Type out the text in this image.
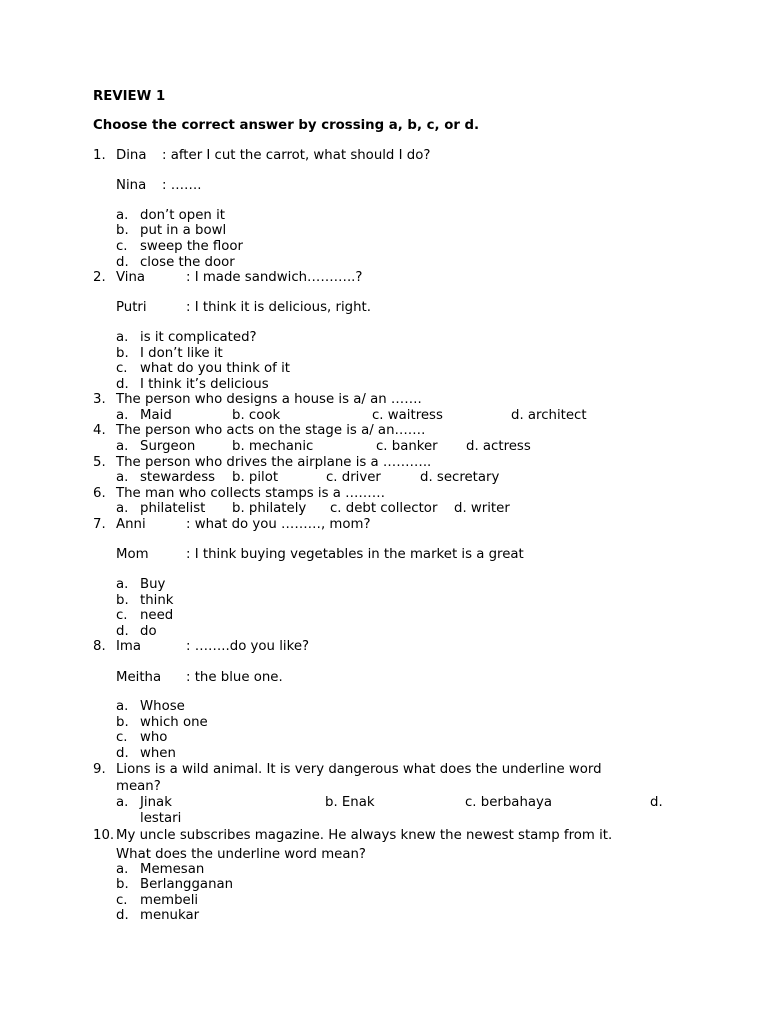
REVIEW 1
Choose the correct answer by crossing a, b, c, or d.
1. Dina : after I cut the carrot, what should I do?
Nina : …….
a. don’t open it
b. put in a bowl
c. sweep the floor
d. close the door
2. Vina	: I made sandwich………..?
Putri	: I think it is delicious, right.
a. is it complicated?
b. I don’t like it
c. what do you think of it
d. I think it’s delicious
3. The person who designs a house is a/ an …….
a. Maid	b. cook	c. waitress	d. architect
4. The person who acts on the stage is a/ an…….
a. Surgeon	b. mechanic	c. banker d. actress
5. The person who drives the airplane is a ………..
a. stewardess b. pilot	c. driver	d. secretary
6. The man who collects stamps is a ………
a. philatelist b. philately c. debt collector d. writer
7. Anni	: what do you ………, mom?
Mom	: I think buying vegetables in the market is a great
a. Buy
b. think
c. need
d. do
8. Ima	: ……..do you like?
Meitha : the blue one.
a. Whose
b. which one
c. who
d. when
9. Lions is a wild animal. It is very dangerous what does the underline word
mean?
a. Jinak	b. Enak	c. berbahaya	d.
lestari
10. My uncle subscribes magazine. He always knew the newest stamp from it.
What does the underline word mean?
a. Memesan
b. Berlangganan
c. membeli
d. menukar
